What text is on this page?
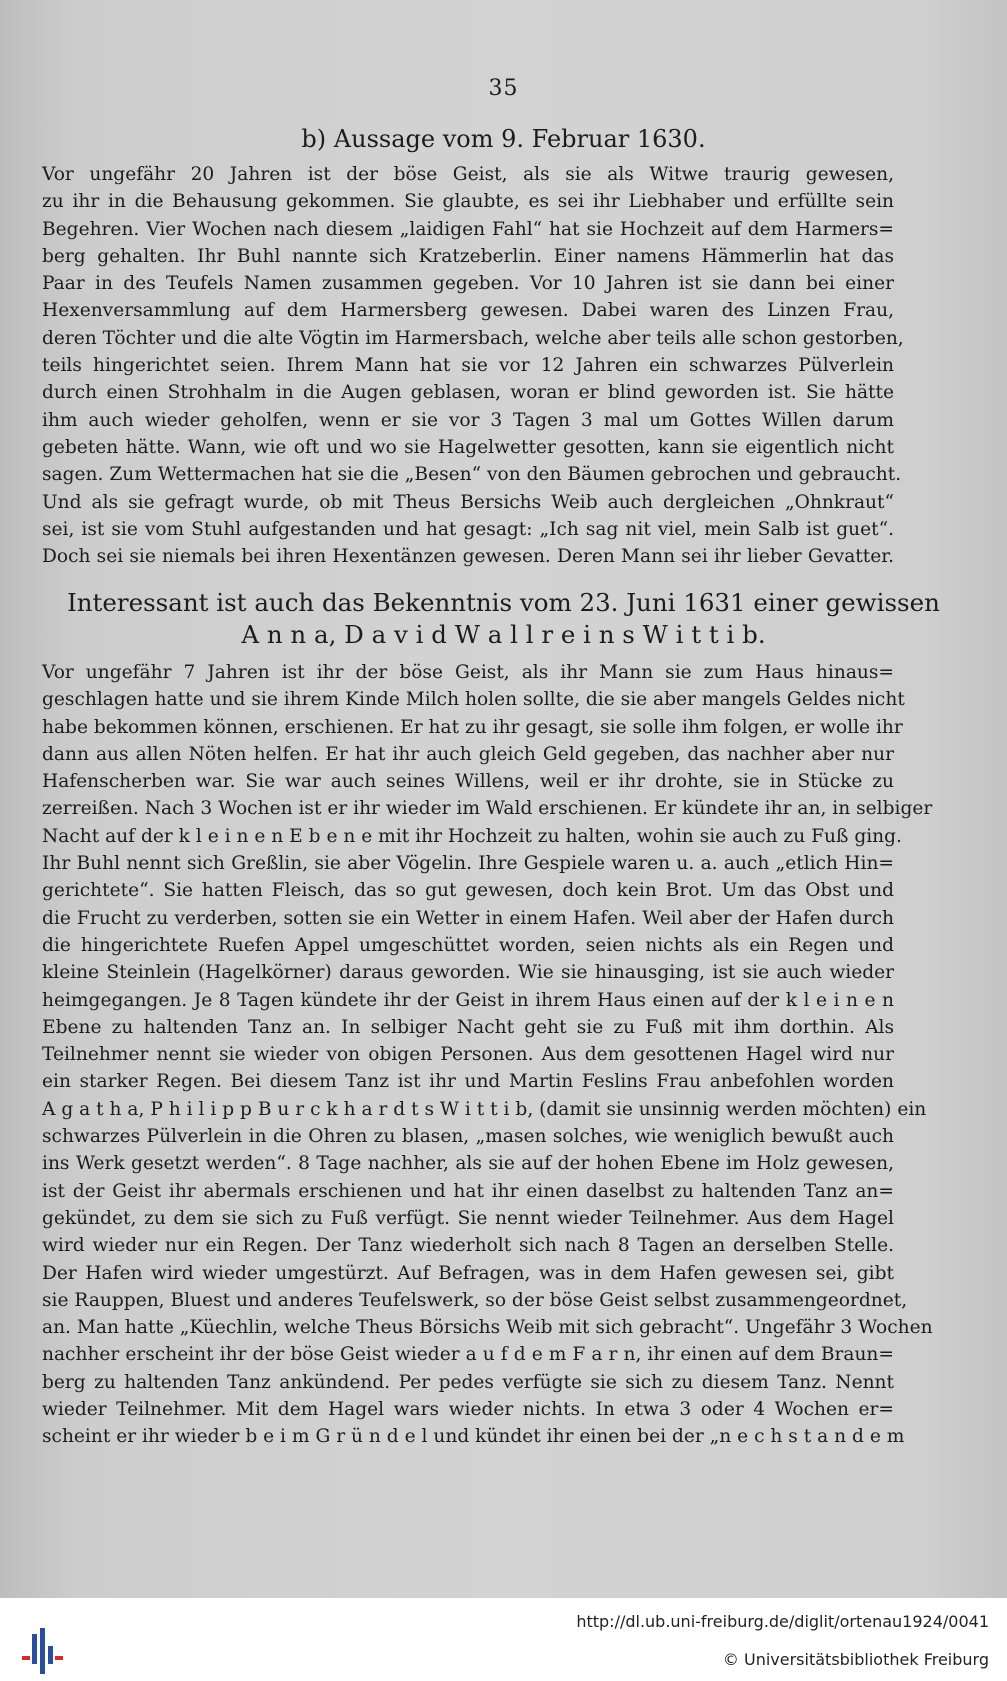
35
b) Aussage vom 9. Februar 1630.
Vor ungefähr 20 Jahren ist der böse Geist, als sie als Witwe traurig gewesen,
zu ihr in die Behausung gekommen. Sie glaubte, es sei ihr Liebhaber und erfüllte sein
Begehren. Vier Wochen nach diesem „laidigen Fahl“ hat sie Hochzeit auf dem Harmers=
berg gehalten. Ihr Buhl nannte sich Kratzeberlin. Einer namens Hämmerlin hat das
Paar in des Teufels Namen zusammen gegeben. Vor 10 Jahren ist sie dann bei einer
Hexenversammlung auf dem Harmersberg gewesen. Dabei waren des Linzen Frau,
deren Töchter und die alte Vögtin im Harmersbach, welche aber teils alle schon gestorben,
teils hingerichtet seien. Ihrem Mann hat sie vor 12 Jahren ein schwarzes Pülverlein
durch einen Strohhalm in die Augen geblasen, woran er blind geworden ist. Sie hätte
ihm auch wieder geholfen, wenn er sie vor 3 Tagen 3 mal um Gottes Willen darum
gebeten hätte. Wann, wie oft und wo sie Hagelwetter gesotten, kann sie eigentlich nicht
sagen. Zum Wettermachen hat sie die „Besen“ von den Bäumen gebrochen und gebraucht.
Und als sie gefragt wurde, ob mit Theus Bersichs Weib auch dergleichen „Ohnkraut“
sei, ist sie vom Stuhl aufgestanden und hat gesagt: „Ich sag nit viel, mein Salb ist guet“.
Doch sei sie niemals bei ihren Hexentänzen gewesen. Deren Mann sei ihr lieber Gevatter.
Interessant ist auch das Bekenntnis vom 23. Juni 1631 einer gewissen
A n n a, D a v i d W a l l r e i n s W i t t i b.
Vor ungefähr 7 Jahren ist ihr der böse Geist, als ihr Mann sie zum Haus hinaus=
geschlagen hatte und sie ihrem Kinde Milch holen sollte, die sie aber mangels Geldes nicht
habe bekommen können, erschienen. Er hat zu ihr gesagt, sie solle ihm folgen, er wolle ihr
dann aus allen Nöten helfen. Er hat ihr auch gleich Geld gegeben, das nachher aber nur
Hafenscherben war. Sie war auch seines Willens, weil er ihr drohte, sie in Stücke zu
zerreißen. Nach 3 Wochen ist er ihr wieder im Wald erschienen. Er kündete ihr an, in selbiger
Nacht auf der k l e i n e n E b e n e mit ihr Hochzeit zu halten, wohin sie auch zu Fuß ging.
Ihr Buhl nennt sich Greßlin, sie aber Vögelin. Ihre Gespiele waren u. a. auch „etlich Hin=
gerichtete“. Sie hatten Fleisch, das so gut gewesen, doch kein Brot. Um das Obst und
die Frucht zu verderben, sotten sie ein Wetter in einem Hafen. Weil aber der Hafen durch
die hingerichtete Ruefen Appel umgeschüttet worden, seien nichts als ein Regen und
kleine Steinlein (Hagelkörner) daraus geworden. Wie sie hinausging, ist sie auch wieder
heimgegangen. Je 8 Tagen kündete ihr der Geist in ihrem Haus einen auf der k l e i n e n
Ebene zu haltenden Tanz an. In selbiger Nacht geht sie zu Fuß mit ihm dorthin. Als
Teilnehmer nennt sie wieder von obigen Personen. Aus dem gesottenen Hagel wird nur
ein starker Regen. Bei diesem Tanz ist ihr und Martin Feslins Frau anbefohlen worden
A g a t h a, P h i l i p p B u r c k h a r d t s W i t t i b, (damit sie unsinnig werden möchten) ein
schwarzes Pülverlein in die Ohren zu blasen, „masen solches, wie weniglich bewußt auch
ins Werk gesetzt werden“. 8 Tage nachher, als sie auf der hohen Ebene im Holz gewesen,
ist der Geist ihr abermals erschienen und hat ihr einen daselbst zu haltenden Tanz an=
gekündet, zu dem sie sich zu Fuß verfügt. Sie nennt wieder Teilnehmer. Aus dem Hagel
wird wieder nur ein Regen. Der Tanz wiederholt sich nach 8 Tagen an derselben Stelle.
Der Hafen wird wieder umgestürzt. Auf Befragen, was in dem Hafen gewesen sei, gibt
sie Rauppen, Bluest und anderes Teufelswerk, so der böse Geist selbst zusammengeordnet,
an. Man hatte „Küechlin, welche Theus Börsichs Weib mit sich gebracht“. Ungefähr 3 Wochen
nachher erscheint ihr der böse Geist wieder a u f d e m F a r n, ihr einen auf dem Braun=
berg zu haltenden Tanz ankündend. Per pedes verfügte sie sich zu diesem Tanz. Nennt
wieder Teilnehmer. Mit dem Hagel wars wieder nichts. In etwa 3 oder 4 Wochen er=
scheint er ihr wieder b e i m G r ü n d e l und kündet ihr einen bei der „n e c h s t a n d e m
http://dl.ub.uni-freiburg.de/diglit/ortenau1924/0041
© Universitätsbibliothek Freiburg
